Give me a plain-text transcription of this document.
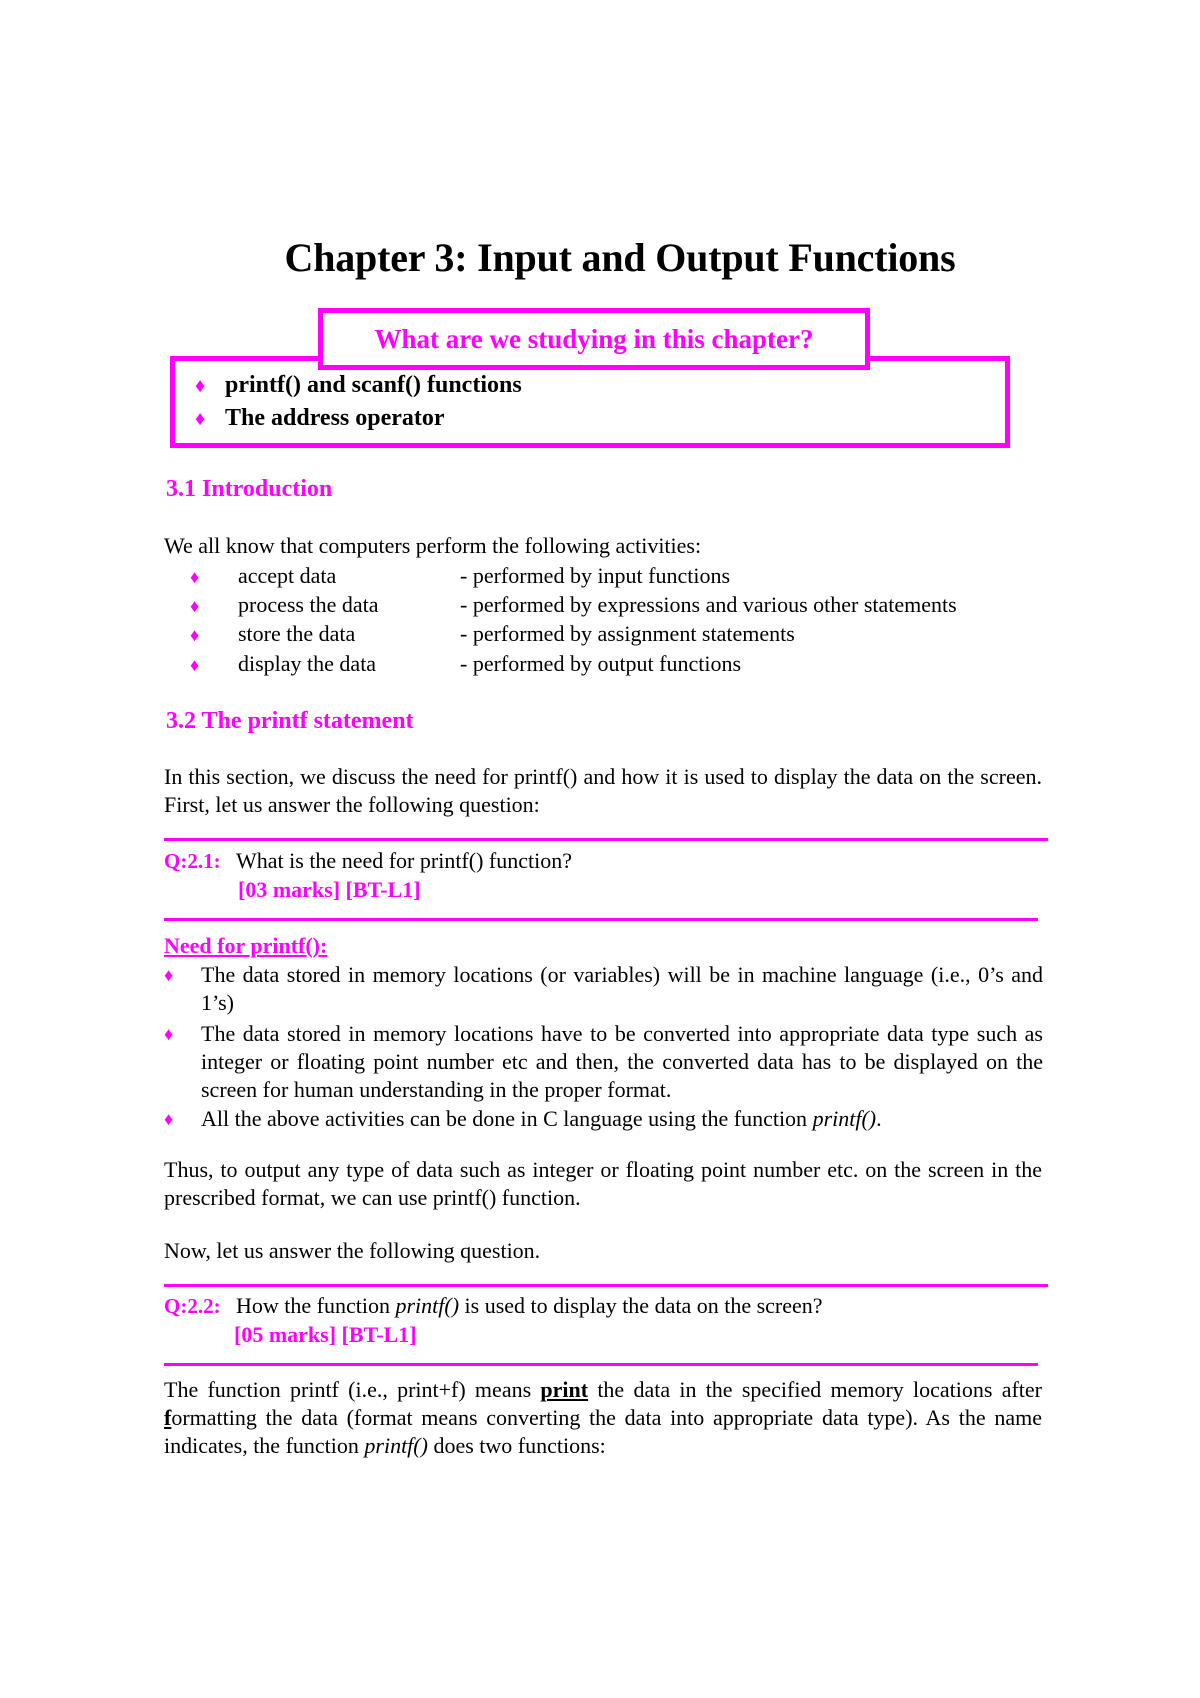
Chapter 3: Input and Output Functions
What are we studying in this chapter?
♦ printf() and scanf() functions
♦ The address operator
3.1 Introduction
We all know that computers perform the following activities:
♦	accept data	- performed by input functions
♦	process the data	- performed by expressions and various other statements
♦	store the data	- performed by assignment statements
♦	display the data	- performed by output functions
3.2 The printf statement
In this section, we discuss the need for printf() and how it is used to display the data on the screen. First, let us answer the following question:
Q:2.1: What is the need for printf() function?
[03 marks] [BT-L1]
Need for printf():
♦	The data stored in memory locations (or variables) will be in machine language (i.e., 0’s and 1’s)
♦	The data stored in memory locations have to be converted into appropriate data type such as integer or floating point number etc and then, the converted data has to be displayed on the screen for human understanding in the proper format.
♦	All the above activities can be done in C language using the function printf().
Thus, to output any type of data such as integer or floating point number etc. on the screen in the prescribed format, we can use printf() function.
Now, let us answer the following question.
Q:2.2: How the function printf() is used to display the data on the screen?
[05 marks] [BT-L1]
The function printf (i.e., print+f) means print the data in the specified memory locations after formatting the data (format means converting the data into appropriate data type). As the name indicates, the function printf() does two functions:
